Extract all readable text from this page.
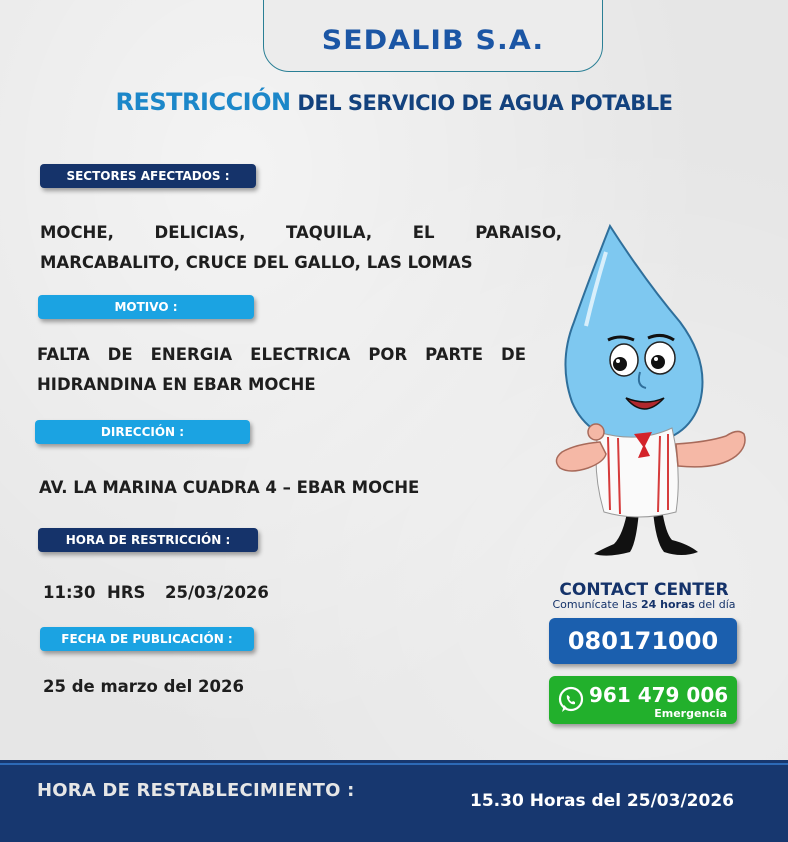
SEDALIB S.A.
RESTRICCIÓN DEL SERVICIO DE AGUA POTABLE
SECTORES AFECTADOS :
MOCHE, DELICIAS, TAQUILA, EL PARAISO, MARCABALITO, CRUCE DEL GALLO, LAS LOMAS
MOTIVO :
FALTA DE ENERGIA ELECTRICA POR PARTE DE HIDRANDINA EN EBAR MOCHE
DIRECCIÓN :
AV. LA MARINA CUADRA 4 – EBAR MOCHE
HORA DE RESTRICCIÓN :
11:30  HRS 25/03/2026
FECHA DE PUBLICACIÓN :
25 de marzo del 2026
CONTACT CENTER
Comunícate las 24 horas del día
080171000
961 479 006
Emergencia
HORA DE RESTABLECIMIENTO :	15.30 Horas del 25/03/2026
